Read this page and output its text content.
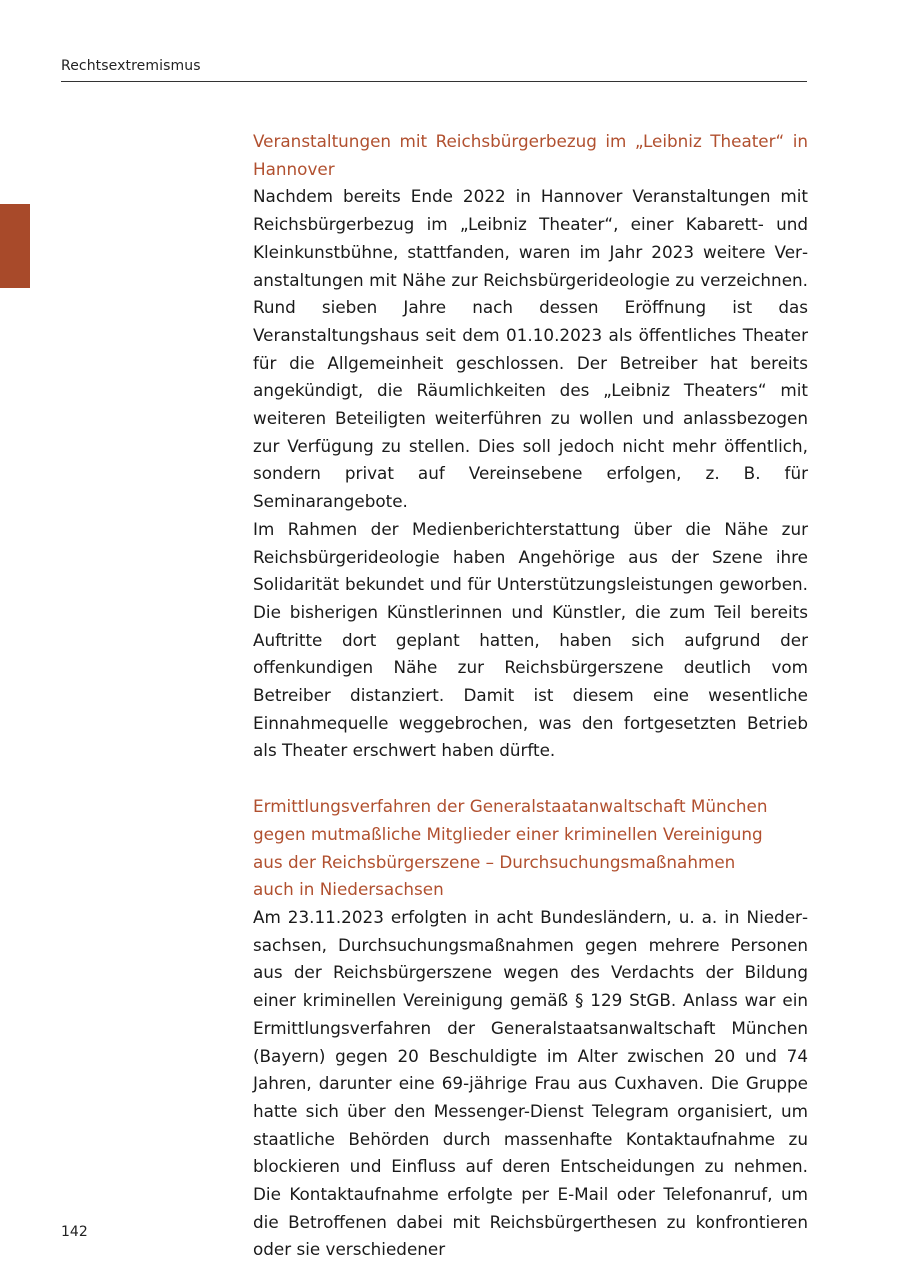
Rechtsextremismus
Veranstaltungen mit Reichsbürgerbezug im „Leibniz Theater“ in Hannover

Nachdem bereits Ende 2022 in Hannover Veranstaltungen mit Reichsbürgerbezug im „Leibniz Theater“, einer Kabarett- und Kleinkunstbühne, stattfanden, waren im Jahr 2023 weitere Veranstaltungen mit Nähe zur Reichsbürgerideologie zu verzeichnen. Rund sieben Jahre nach dessen Eröffnung ist das Veranstaltungshaus seit dem 01.10.2023 als öffentliches Theater für die Allgemeinheit geschlossen. Der Betreiber hat bereits angekündigt, die Räumlichkeiten des „Leibniz Theaters“ mit weiteren Beteiligten weiterführen zu wollen und anlassbezogen zur Verfügung zu stellen. Dies soll jedoch nicht mehr öffentlich, sondern privat auf Vereinsebene erfolgen, z. B. für Seminarangebote.

Im Rahmen der Medienberichterstattung über die Nähe zur Reichsbürgerideologie haben Angehörige aus der Szene ihre Solidarität bekundet und für Unterstützungsleistungen geworben. Die bisherigen Künstlerinnen und Künstler, die zum Teil bereits Auftritte dort geplant hatten, haben sich aufgrund der offenkundigen Nähe zur Reichsbürgerszene deutlich vom Betreiber distanziert. Damit ist diesem eine wesentliche Einnahmequelle weggebrochen, was den fortgesetzten Betrieb als Theater erschwert haben dürfte.

Ermittlungsverfahren der Generalstaatanwaltschaft München gegen mutmaßliche Mitglieder einer kriminellen Vereinigung aus der Reichsbürgerszene – Durchsuchungsmaßnahmen auch in Niedersachsen

Am 23.11.2023 erfolgten in acht Bundesländern, u. a. in Niedersachsen, Durchsuchungsmaßnahmen gegen mehrere Personen aus der Reichsbürgerszene wegen des Verdachts der Bildung einer kriminellen Vereinigung gemäß § 129 StGB. Anlass war ein Ermittlungsverfahren der Generalstaatsanwaltschaft München (Bayern) gegen 20 Beschuldigte im Alter zwischen 20 und 74 Jahren, darunter eine 69-jährige Frau aus Cuxhaven. Die Gruppe hatte sich über den Messenger-Dienst Telegram organisiert, um staatliche Behörden durch massenhafte Kontaktaufnahme zu blockieren und Einfluss auf deren Entscheidungen zu nehmen. Die Kontaktaufnahme erfolgte per E-Mail oder Telefonanruf, um die Betroffenen dabei mit Reichsbürgerthesen zu konfrontieren oder sie verschiedener

142
